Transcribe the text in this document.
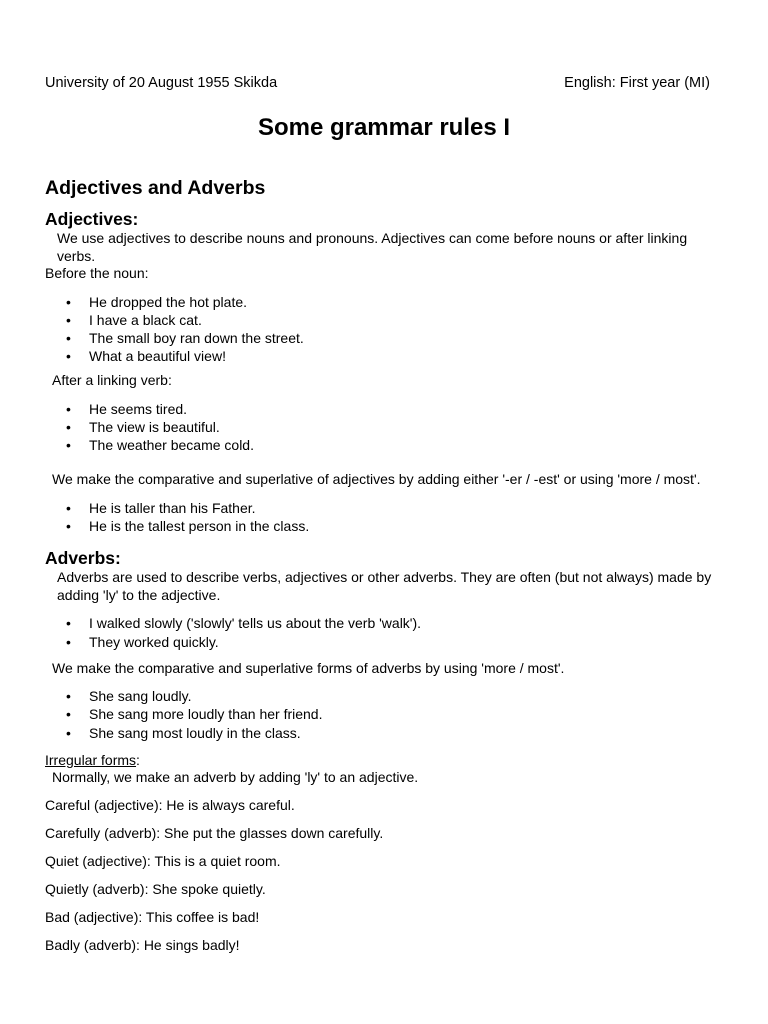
University of 20 August 1955 Skikda	English: First year (MI)
Some grammar rules I
Adjectives and Adverbs
Adjectives:

We use adjectives to describe nouns and pronouns. Adjectives can come before nouns or after linking verbs.

Before the noun:

• He dropped the hot plate.
• I have a black cat.
• The small boy ran down the street.
• What a beautiful view!

After a linking verb:

• He seems tired.
• The view is beautiful.
• The weather became cold.

We make the comparative and superlative of adjectives by adding either '-er / -est' or using 'more / most'.

• He is taller than his Father.
• He is the tallest person in the class.
Adverbs:

Adverbs are used to describe verbs, adjectives or other adverbs. They are often (but not always) made by adding 'ly' to the adjective.

• I walked slowly ('slowly' tells us about the verb 'walk').
• They worked quickly.

We make the comparative and superlative forms of adverbs by using 'more / most'.

• She sang loudly.
• She sang more loudly than her friend.
• She sang most loudly in the class.

Irregular forms:

Normally, we make an adverb by adding 'ly' to an adjective.

Careful (adjective): He is always careful.

Carefully (adverb): She put the glasses down carefully.

Quiet (adjective): This is a quiet room.

Quietly (adverb): She spoke quietly.

Bad (adjective): This coffee is bad!

Badly (adverb): He sings badly!
